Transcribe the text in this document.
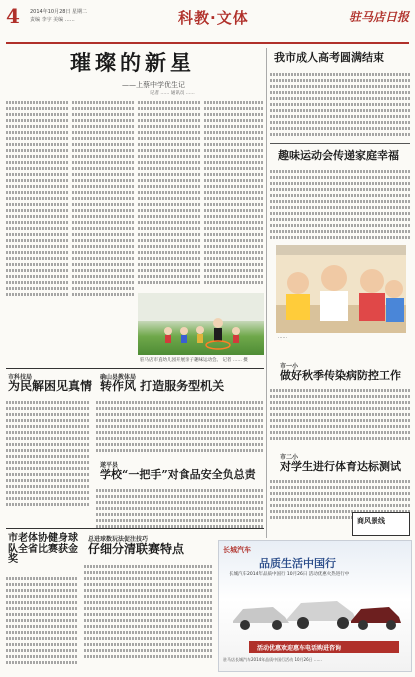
4 2014年10月28日 星期二
责编 李宇 美编 ……	科教·文体	驻马店日报
璀璨的新星
——上蔡中学优生记
记者 …… 通讯员 ……
驻马店市直幼儿园开展亲子趣味运动会。 记者 …… 摄
我市成人高考圆满结束
趣味运动会传递家庭幸福
……
市一小
做好秋季传染病防控工作
市二小
对学生进行体育达标测试
商风景线
市科技局
为民解困见真情
确山县教体局
转作风 打造服务型机关
遂平县
学校“一把手”对食品安全负总责
市老体协健身球队全省比赛获金奖
总进球数玩法促注技巧
仔细分清联赛特点	长城汽车
品质生活中国行
长城汽车2014年品质中国行 10月26日 活动优惠火热进行中
活动优惠欢迎惠车电话购进咨询
驻马店长城汽车2014年品质中国行活动 10月26日 ……
